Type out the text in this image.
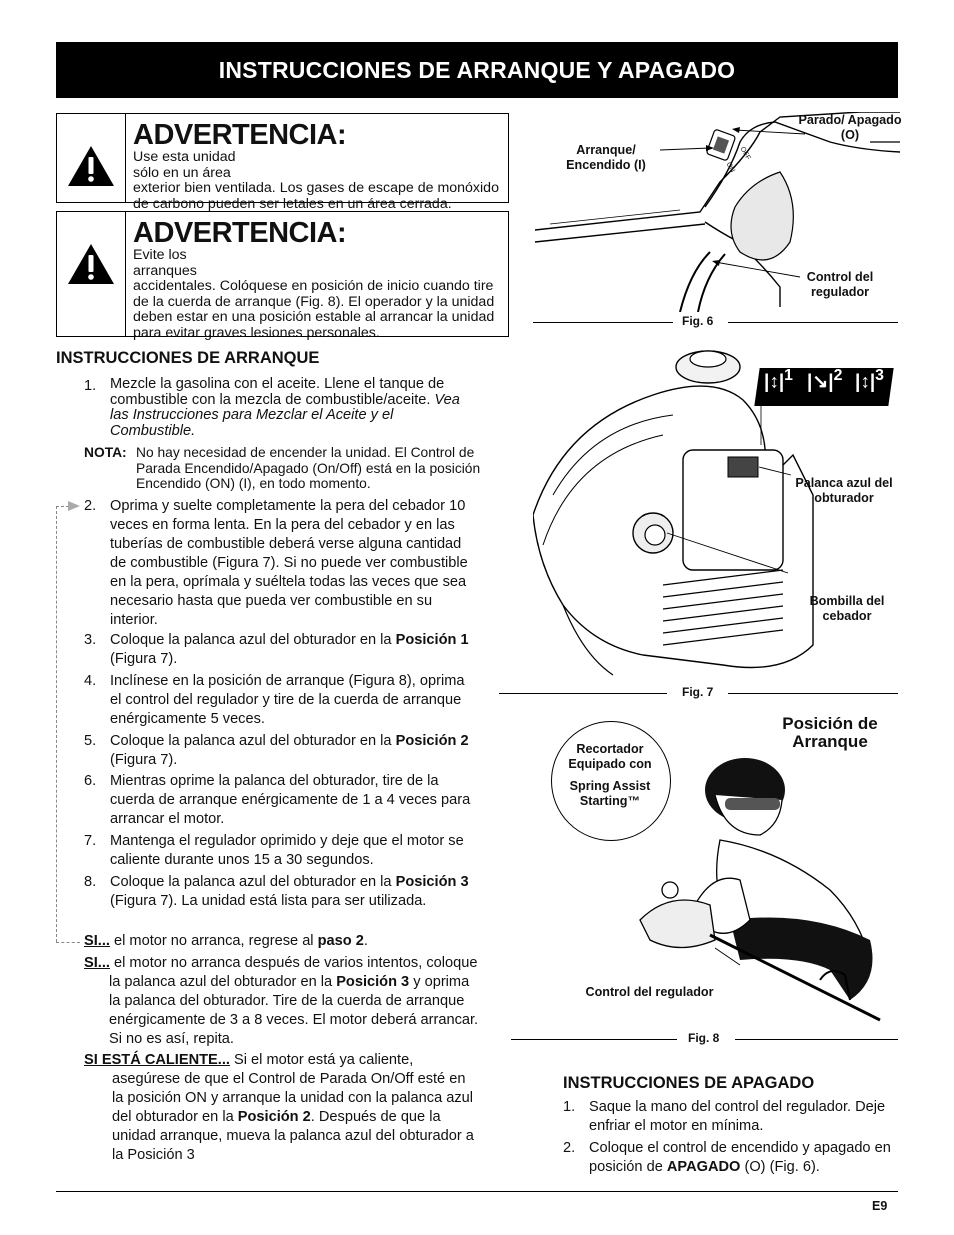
INSTRUCCIONES DE ARRANQUE Y APAGADO
ADVERTENCIA:
Use esta unidad sólo en un área
exterior bien ventilada. Los gases de escape de monóxido de carbono pueden ser letales en un área cerrada.
ADVERTENCIA:
Evite los arranques
accidentales. Colóquese en posición de inicio cuando tire de la cuerda de arranque (Fig. 8). El operador y la unidad deben estar en una posición estable al arrancar la unidad para evitar graves lesiones personales.
INSTRUCCIONES DE ARRANQUE
1. Mezcle la gasolina con el aceite. Llene el tanque de combustible con la mezcla de combustible/aceite. Vea las Instrucciones para Mezclar el Aceite y el Combustible.
NOTA: No hay necesidad de encender la unidad. El Control de Parada Encendido/Apagado (On/Off) está en la posición Encendido (ON) (I), en todo momento.
2. Oprima y suelte completamente la pera del cebador 10 veces en forma lenta. En la pera del cebador y en las tuberías de combustible deberá verse alguna cantidad de combustible (Figura 7). Si no puede ver combustible en la pera, oprímala y suéltela todas las veces que sea necesario hasta que pueda ver combustible en su interior.
3. Coloque la palanca azul del obturador en la Posición 1 (Figura 7).
4. Inclínese en la posición de arranque (Figura 8), oprima el control del regulador y tire de la cuerda de arranque enérgicamente 5 veces.
5. Coloque la palanca azul del obturador en la Posición 2 (Figura 7).
6. Mientras oprime la palanca del obturador, tire de la cuerda de arranque enérgicamente de 1 a 4 veces para arrancar el motor.
7. Mantenga el regulador oprimido y deje que el motor se caliente durante unos 15 a 30 segundos.
8. Coloque la palanca azul del obturador en la Posición 3 (Figura 7). La unidad está lista para ser utilizada.
SI... el motor no arranca, regrese al paso 2.
SI... el motor no arranca después de varios intentos, coloque la palanca azul del obturador en la Posición 3 y oprima la palanca del obturador. Tire de la cuerda de arranque enérgicamente de 3 a 8 veces. El motor deberá arrancar. Si no es así, repita.
SI ESTÁ CALIENTE... Si el motor está ya caliente, asegúrese de que el Control de Parada On/Off esté en la posición ON y arranque la unidad con la palanca azul del obturador en la Posición 2. Después de que la unidad arranque, mueva la palanca azul del obturador a la Posición 3
ON
OFF
Parado/ Apagado (O)
Arranque/ Encendido (I)
Control del regulador
Fig. 6
$|↕|^1$ $|↘|^2$ $|↕|^3$
Palanca azul del obturador
Bombilla del cebador
Fig. 7
Recortador Equipado con
Spring Assist Starting™
Posición de Arranque
Control del regulador
Fig. 8
INSTRUCCIONES DE APAGADO
1. Saque la mano del control del regulador. Deje enfriar el motor en mínima.
2. Coloque el control de encendido y apagado en posición de APAGADO (O) (Fig. 6).
E9
